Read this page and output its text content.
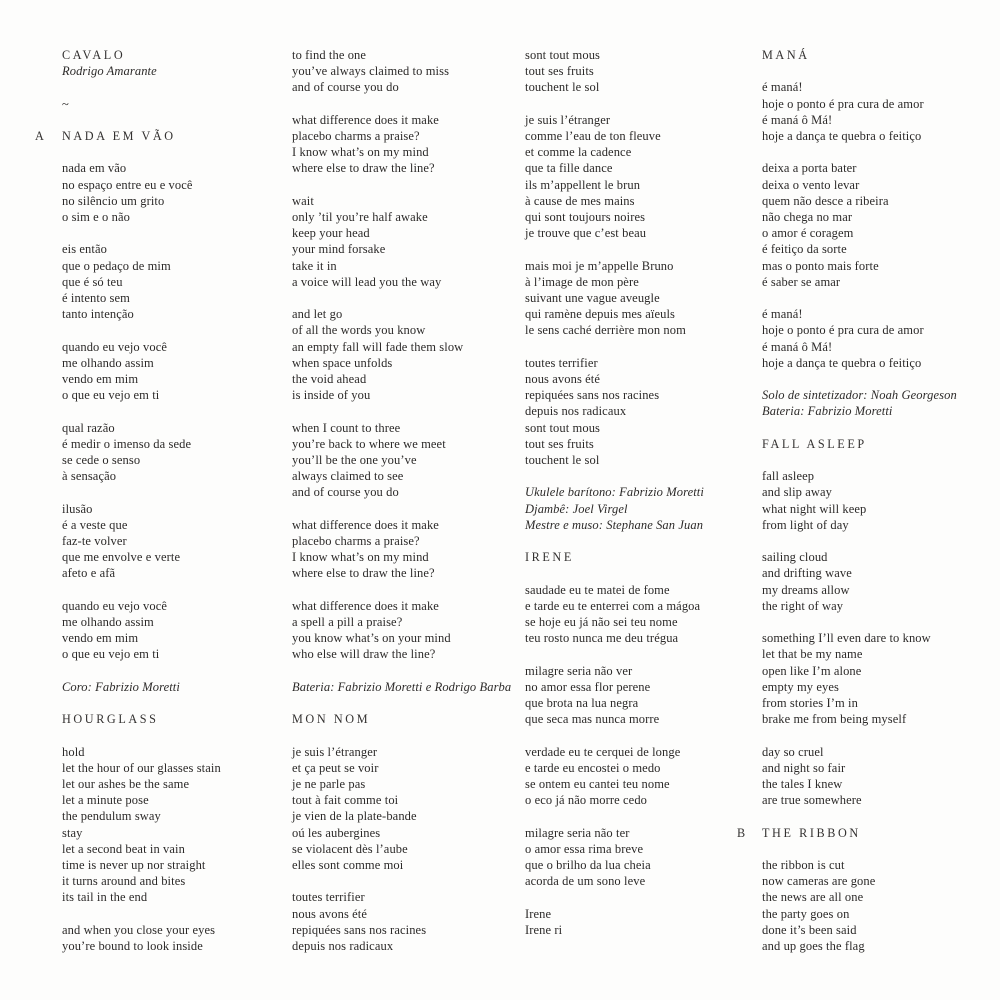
CAVALO
Rodrigo Amarante
~
A NADA EM VÃO
nada em vão
no espaço entre eu e você
no silêncio um grito
o sim e o não
eis então
que o pedaço de mim
que é só teu
é intento sem
tanto intenção
quando eu vejo você
me olhando assim
vendo em mim
o que eu vejo em ti
qual razão
é medir o imenso da sede
se cede o senso
à sensação
ilusão
é a veste que
faz-te volver
que me envolve e verte
afeto e afã
quando eu vejo você
me olhando assim
vendo em mim
o que eu vejo em ti
Coro: Fabrizio Moretti
HOURGLASS
hold
let the hour of our glasses stain
let our ashes be the same
let a minute pose
the pendulum sway
stay
let a second beat in vain
time is never up nor straight
it turns around and bites
its tail in the end
and when you close your eyes
you’re bound to look inside
to find the one
you’ve always claimed to miss
and of course you do
what difference does it make
placebo charms a praise?
I know what’s on my mind
where else to draw the line?
wait
only ’til you’re half awake
keep your head
your mind forsake
take it in
a voice will lead you the way
and let go
of all the words you know
an empty fall will fade them slow
when space unfolds
the void ahead
is inside of you
when I count to three
you’re back to where we meet
you’ll be the one you’ve
always claimed to see
and of course you do
what difference does it make
placebo charms a praise?
I know what’s on my mind
where else to draw the line?
what difference does it make
a spell a pill a praise?
you know what’s on your mind
who else will draw the line?
Bateria: Fabrizio Moretti e Rodrigo Barba
MON NOM
je suis l’étranger
et ça peut se voir
je ne parle pas
tout à fait comme toi
je vien de la plate-bande
oú les aubergines
se violacent dès l’aube
elles sont comme moi
toutes terrifier
nous avons été
repiquées sans nos racines
depuis nos radicaux
sont tout mous
tout ses fruits
touchent le sol
je suis l’étranger
comme l’eau de ton fleuve
et comme la cadence
que ta fille dance
ils m’appellent le brun
à cause de mes mains
qui sont toujours noires
je trouve que c’est beau
mais moi je m’appelle Bruno
à l’image de mon père
suivant une vague aveugle
qui ramène depuis mes aïeuls
le sens caché derrière mon nom
toutes terrifier
nous avons été
repiquées sans nos racines
depuis nos radicaux
sont tout mous
tout ses fruits
touchent le sol
Ukulele barítono: Fabrizio Moretti
Djambê: Joel Virgel
Mestre e muso: Stephane San Juan
IRENE
saudade eu te matei de fome
e tarde eu te enterrei com a mágoa
se hoje eu já não sei teu nome
teu rosto nunca me deu trégua
milagre seria não ver
no amor essa flor perene
que brota na lua negra
que seca mas nunca morre
verdade eu te cerquei de longe
e tarde eu encostei o medo
se ontem eu cantei teu nome
o eco já não morre cedo
milagre seria não ter
o amor essa rima breve
que o brilho da lua cheia
acorda de um sono leve
Irene
Irene ri
MANÁ
é maná!
hoje o ponto é pra cura de amor
é maná ô Má!
hoje a dança te quebra o feitiço
deixa a porta bater
deixa o vento levar
quem não desce a ribeira
não chega no mar
o amor é coragem
é feitiço da sorte
mas o ponto mais forte
é saber se amar
é maná!
hoje o ponto é pra cura de amor
é maná ô Má!
hoje a dança te quebra o feitiço
Solo de sintetizador: Noah Georgeson
Bateria: Fabrizio Moretti
FALL ASLEEP
fall asleep
and slip away
what night will keep
from light of day
sailing cloud
and drifting wave
my dreams allow
the right of way
something I’ll even dare to know
let that be my name
open like I’m alone
empty my eyes
from stories I’m in
brake me from being myself
day so cruel
and night so fair
the tales I knew
are true somewhere
B THE RIBBON
the ribbon is cut
now cameras are gone
the news are all one
the party goes on
done it’s been said
and up goes the flag
